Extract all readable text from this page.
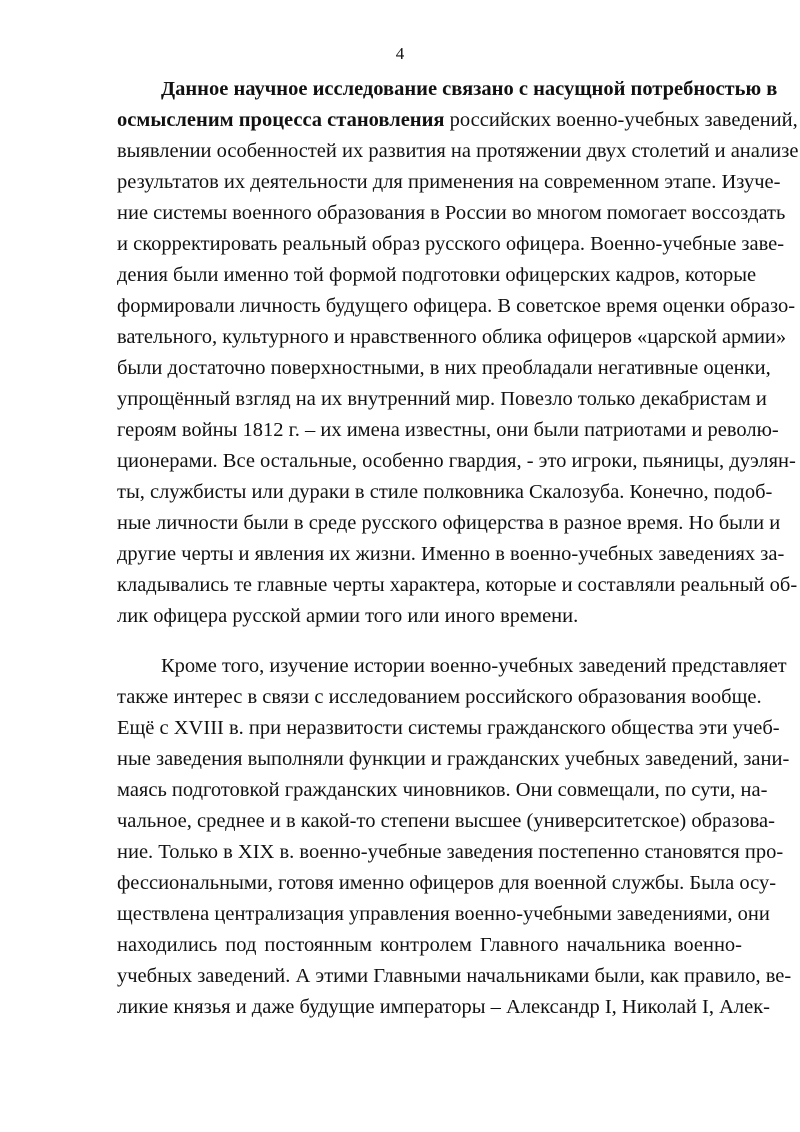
4
Данное научное исследование связано с насущной потребностью в
осмысленим процесса становления российских военно-учебных заведений,
выявлении особенностей их развития на протяжении двух столетий и анализе
результатов их деятельности для применения на современном этапе. Изуче-
ние системы военного образования в России во многом помогает воссоздать
и скорректировать реальный образ русского офицера. Военно-учебные заве-
дения были именно той формой подготовки офицерских кадров, которые
формировали личность будущего офицера. В советское время оценки образо-
вательного, культурного и нравственного облика офицеров «царской армии»
были достаточно поверхностными, в них преобладали негативные оценки,
упрощённый взгляд на их внутренний мир. Повезло только декабристам и
героям войны 1812 г. – их имена известны, они были патриотами и револю-
ционерами. Все остальные, особенно гвардия, - это игроки, пьяницы, дуэлян-
ты, службисты или дураки в стиле полковника Скалозуба. Конечно, подоб-
ные личности были в среде русского офицерства в разное время. Но были и
другие черты и явления их жизни. Именно в военно-учебных заведениях за-
кладывались те главные черты характера, которые и составляли реальный об-
лик офицера русской армии того или иного времени.
Кроме того, изучение истории военно-учебных заведений представляет
также интерес в связи с исследованием российского образования вообще.
Ещё с XVIII в. при неразвитости системы гражданского общества эти учеб-
ные заведения выполняли функции и гражданских учебных заведений, зани-
маясь подготовкой гражданских чиновников. Они совмещали, по сути, на-
чальное, среднее и в какой-то степени высшее (университетское) образова-
ние. Только в XIX в. военно-учебные заведения постепенно становятся про-
фессиональными, готовя именно офицеров для военной службы. Была осу-
ществлена централизация управления военно-учебными заведениями, они
находились под постоянным контролем Главного начальника военно-
учебных заведений. А этими Главными начальниками были, как правило, ве-
ликие князья и даже будущие императоры – Александр I, Николай I, Алек-
